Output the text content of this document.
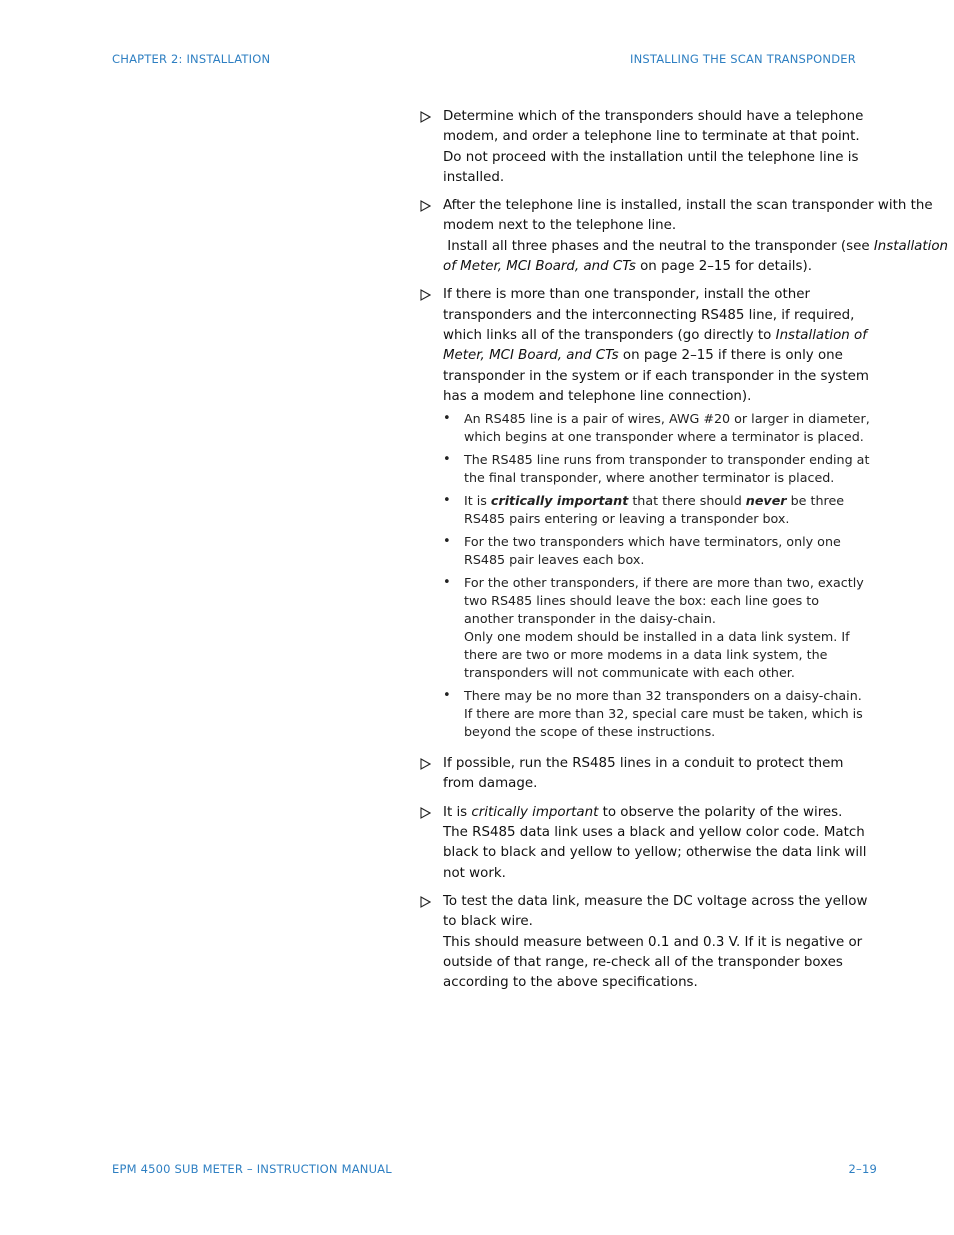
CHAPTER 2: INSTALLATION	INSTALLING THE SCAN TRANSPONDER

Determine which of the transponders should have a telephone modem, and order a telephone line to terminate at that point.

Do not proceed with the installation until the telephone line is installed.

After the telephone line is installed, install the scan transponder with the modem next to the telephone line.

Install all three phases and the neutral to the transponder (see Installation of Meter, MCI Board, and CTs on page 2–15 for details).

If there is more than one transponder, install the other transponders and the interconnecting RS485 line, if required, which links all of the transponders (go directly to Installation of Meter, MCI Board, and CTs on page 2–15 if there is only one transponder in the system or if each transponder in the system has a modem and telephone line connection).

•	An RS485 line is a pair of wires, AWG #20 or larger in diameter, which begins at one transponder where a terminator is placed.
•	The RS485 line runs from transponder to transponder ending at the final transponder, where another terminator is placed.
•	It is critically important that there should never be three RS485 pairs entering or leaving a transponder box.
•	For the two transponders which have terminators, only one RS485 pair leaves each box.
•	For the other transponders, if there are more than two, exactly two RS485 lines should leave the box: each line goes to another transponder in the daisy-chain.

Only one modem should be installed in a data link system. If there are two or more modems in a data link system, the transponders will not communicate with each other.

•	There may be no more than 32 transponders on a daisy-chain. If there are more than 32, special care must be taken, which is beyond the scope of these instructions.

If possible, run the RS485 lines in a conduit to protect them from damage.

It is critically important to observe the polarity of the wires. The RS485 data link uses a black and yellow color code. Match black to black and yellow to yellow; otherwise the data link will not work.

To test the data link, measure the DC voltage across the yellow to black wire.

This should measure between 0.1 and 0.3 V. If it is negative or outside of that range, re-check all of the transponder boxes according to the above specifications.

EPM 4500 SUB METER – INSTRUCTION MANUAL	2–19
